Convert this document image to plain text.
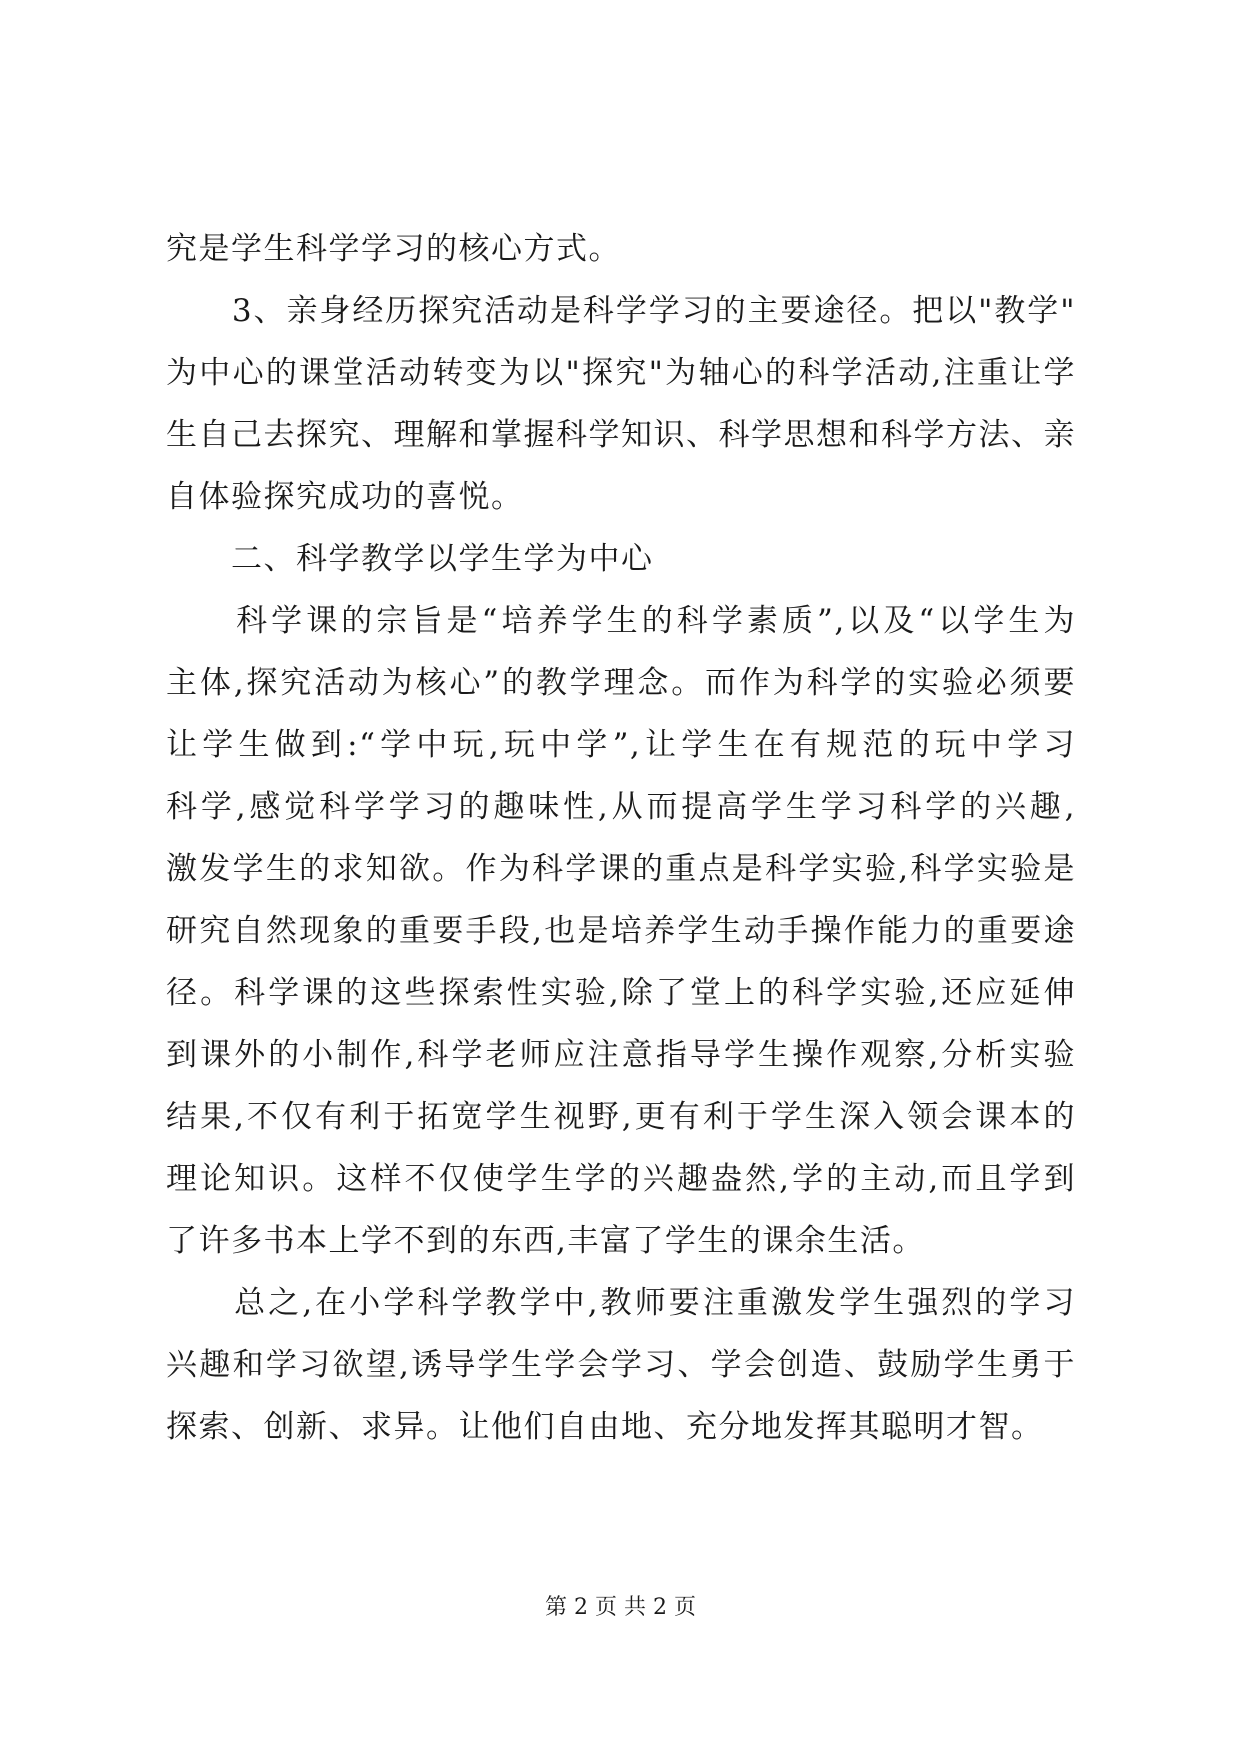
究是学生科学学习的核心方式。
　　3、亲身经历探究活动是科学学习的主要途径。把以"教学"
为中心的课堂活动转变为以"探究"为轴心的科学活动,注重让学
生自己去探究、理解和掌握科学知识、科学思想和科学方法、亲
自体验探究成功的喜悦。
　　二、科学教学以学生学为中心
　　科学课的宗旨是“培养学生的科学素质”,以及“以学生为
主体,探究活动为核心”的教学理念。而作为科学的实验必须要
让学生做到:“学中玩,玩中学”,让学生在有规范的玩中学习
科学,感觉科学学习的趣味性,从而提高学生学习科学的兴趣,
激发学生的求知欲。作为科学课的重点是科学实验,科学实验是
研究自然现象的重要手段,也是培养学生动手操作能力的重要途
径。科学课的这些探索性实验,除了堂上的科学实验,还应延伸
到课外的小制作,科学老师应注意指导学生操作观察,分析实验
结果,不仅有利于拓宽学生视野,更有利于学生深入领会课本的
理论知识。这样不仅使学生学的兴趣盎然,学的主动,而且学到
了许多书本上学不到的东西,丰富了学生的课余生活。
　　总之,在小学科学教学中,教师要注重激发学生强烈的学习
兴趣和学习欲望,诱导学生学会学习、学会创造、鼓励学生勇于
探索、创新、求异。让他们自由地、充分地发挥其聪明才智。
第 2 页 共 2 页
